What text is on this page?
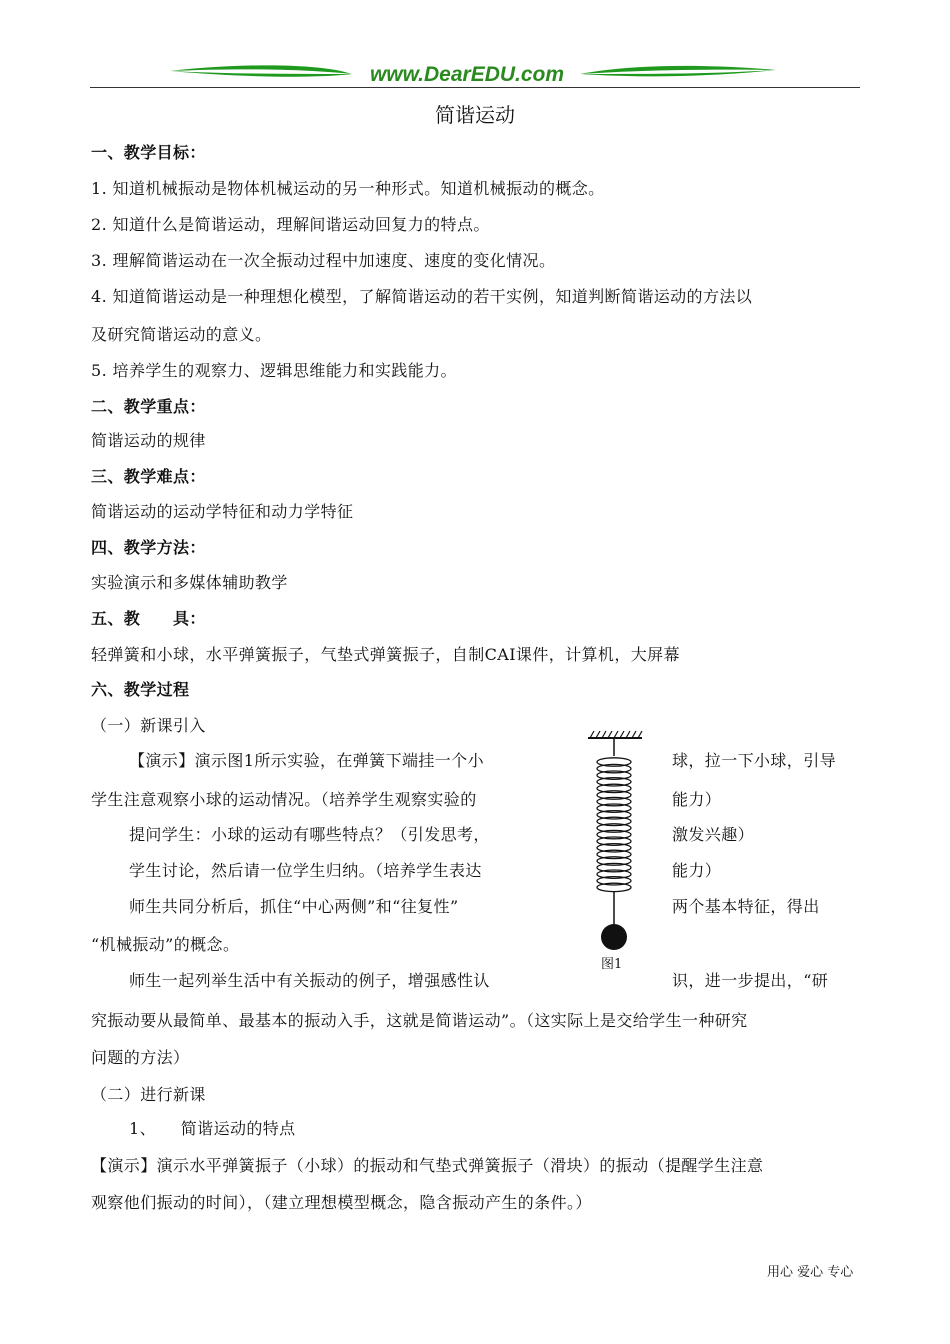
www.DearEDU.com
简谐运动
一、教学目标：
1. 知道机械振动是物体机械运动的另一种形式。知道机械振动的概念。
2. 知道什么是简谐运动，理解间谐运动回复力的特点。
3. 理解简谐运动在一次全振动过程中加速度、速度的变化情况。
4. 知道简谐运动是一种理想化模型，了解简谐运动的若干实例，知道判断简谐运动的方法以
及研究简谐运动的意义。
5. 培养学生的观察力、逻辑思维能力和实践能力。
二、教学重点：
简谐运动的规律
三、教学难点：
简谐运动的运动学特征和动力学特征
四、教学方法：
实验演示和多媒体辅助教学
五、教　　具：
轻弹簧和小球，水平弹簧振子，气垫式弹簧振子，自制CAI课件，计算机，大屏幕
六、教学过程
（一）新课引入
【演示】演示图1所示实验，在弹簧下端挂一个小	球，拉一下小球，引导
学生注意观察小球的运动情况。（培养学生观察实验的	能力）
提问学生：小球的运动有哪些特点？（引发思考，	激发兴趣）
学生讨论，然后请一位学生归纳。（培养学生表达	能力）
师生共同分析后，抓住“中心两侧”和“往复性”	两个基本特征，得出
“机械振动”的概念。
师生一起列举生活中有关振动的例子，增强感性认	识，进一步提出，“研
究振动要从最简单、最基本的振动入手，这就是简谐运动”。（这实际上是交给学生一种研究
问题的方法）
（二）进行新课
1、　　简谐运动的特点
【演示】演示水平弹簧振子（小球）的振动和气垫式弹簧振子（滑块）的振动（提醒学生注意
观察他们振动的时间），（建立理想模型概念，隐含振动产生的条件。）
图1
用心 爱心 专心
